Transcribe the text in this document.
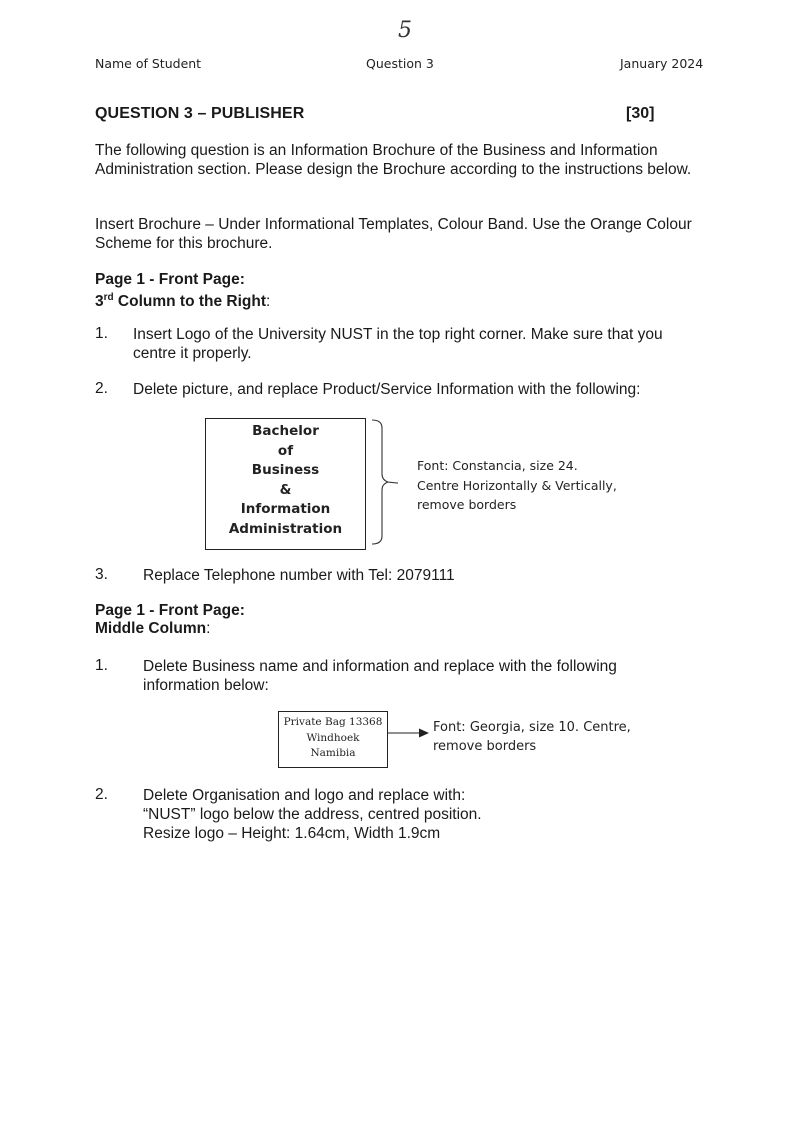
5
Name of Student	Question 3	January 2024
QUESTION 3 – PUBLISHER	[30]
The following question is an Information Brochure of the Business and Information Administration section. Please design the Brochure according to the instructions below.
Insert Brochure – Under Informational Templates, Colour Band. Use the Orange Colour Scheme for this brochure.
Page 1 - Front Page:
3rd Column to the Right:
1. Insert Logo of the University NUST in the top right corner. Make sure that you centre it properly.
2. Delete picture, and replace Product/Service Information with the following:
Bachelor
of
Business
&
Information
Administration
Font: Constancia, size 24.
Centre Horizontally & Vertically,
remove borders
3. Replace Telephone number with Tel: 2079111
Page 1 - Front Page:
Middle Column:
1. Delete Business name and information and replace with the following information below:
Private Bag 13368
Windhoek
Namibia
Font: Georgia, size 10. Centre,
remove borders
2. Delete Organisation and logo and replace with:
“NUST” logo below the address, centred position.
Resize logo – Height: 1.64cm, Width 1.9cm
